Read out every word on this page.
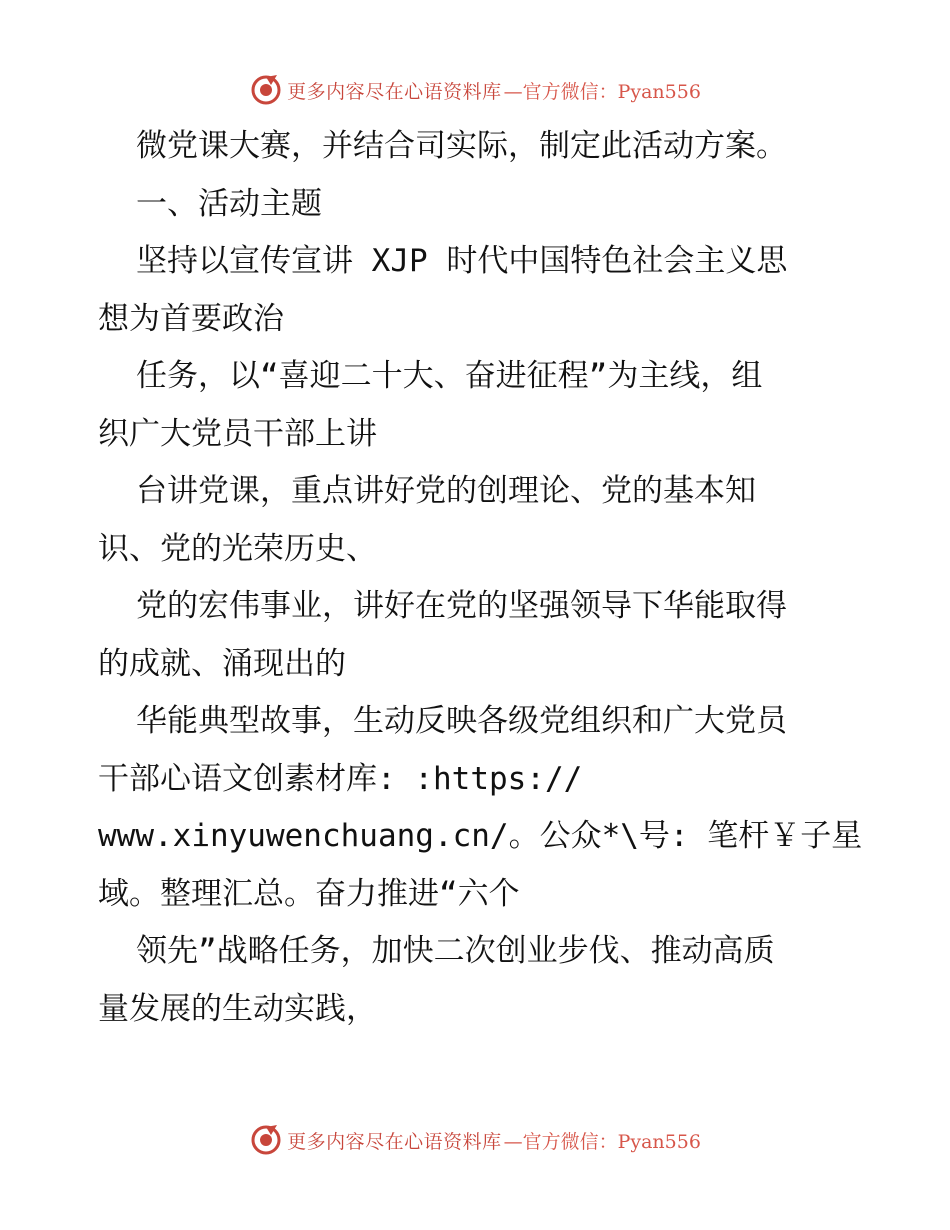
更多内容尽在心语资料库 —官方微信：Pyan556
微党课大赛，并结合司实际，制定此活动方案。
一、活动主题
坚持以宣传宣讲 XJP 时代中国特色社会主义思
想为首要政治
任务，以“喜迎二十大、奋进征程”为主线，组
织广大党员干部上讲
台讲党课，重点讲好党的创理论、党的基本知
识、党的光荣历史、
党的宏伟事业，讲好在党的坚强领导下华能取得
的成就、涌现出的
华能典型故事，生动反映各级党组织和广大党员
干部心语文创素材库: :https://
www.xinyuwenchuang.cn/。公众*\号: 笔杆￥子星
域。整理汇总。奋力推进“六个
领先”战略任务，加快二次创业步伐、推动高质
量发展的生动实践，
更多内容尽在心语资料库 —官方微信：Pyan556
